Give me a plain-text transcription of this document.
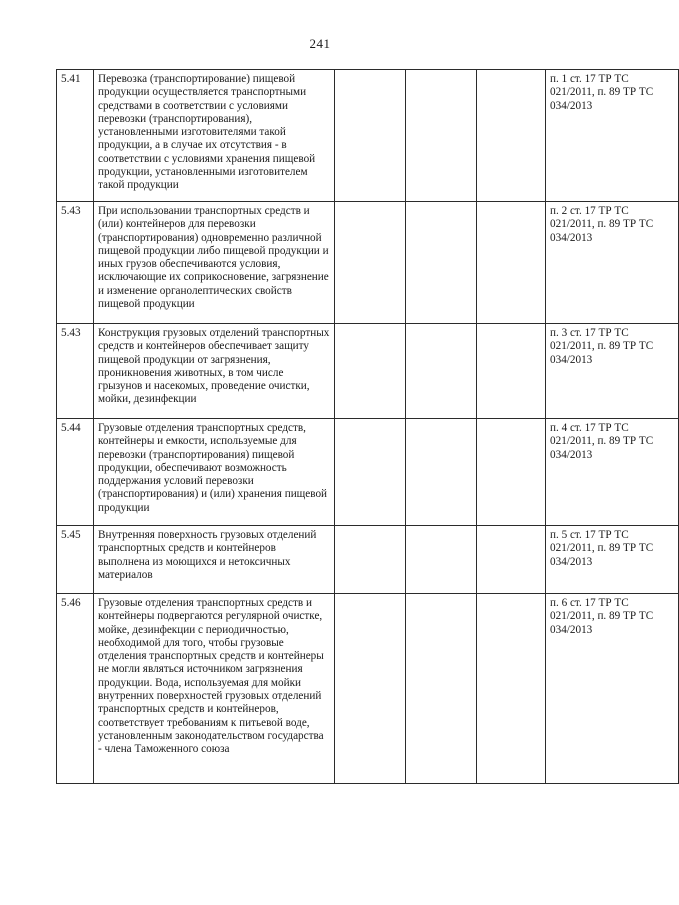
241
5.41	Перевозка (транспортирование) пищевой продукции осуществляется транспортными средствами в соответствии с условиями перевозки (транспортирования), установленными изготовителями такой продукции, а в случае их отсутствия - в соответствии с условиями хранения пищевой продукции, установленными изготовителем такой продукции				п. 1 ст. 17 ТР ТС 021/2011, п. 89 ТР ТС 034/2013
5.43	При использовании транспортных средств и (или) контейнеров для перевозки (транспортирования) одновременно различной пищевой продукции либо пищевой продукции и иных грузов обеспечиваются условия, исключающие их соприкосновение, загрязнение и изменение органолептических свойств пищевой продукции				п. 2 ст. 17 ТР ТС 021/2011, п. 89 ТР ТС 034/2013
5.43	Конструкция грузовых отделений транспортных средств и контейнеров обеспечивает защиту пищевой продукции от загрязнения, проникновения животных, в том числе грызунов и насекомых, проведение очистки, мойки, дезинфекции				п. 3 ст. 17 ТР ТС 021/2011, п. 89 ТР ТС 034/2013
5.44	Грузовые отделения транспортных средств, контейнеры и емкости, используемые для перевозки (транспортирования) пищевой продукции, обеспечивают возможность поддержания условий перевозки (транспортирования) и (или) хранения пищевой продукции				п. 4 ст. 17 ТР ТС 021/2011, п. 89 ТР ТС 034/2013
5.45	Внутренняя поверхность грузовых отделений транспортных средств и контейнеров выполнена из моющихся и нетоксичных материалов				п. 5 ст. 17 ТР ТС 021/2011, п. 89 ТР ТС 034/2013
5.46	Грузовые отделения транспортных средств и контейнеры подвергаются регулярной очистке, мойке, дезинфекции с периодичностью, необходимой для того, чтобы грузовые отделения транспортных средств и контейнеры не могли являться источником загрязнения продукции. Вода, используемая для мойки внутренних поверхностей грузовых отделений транспортных средств и контейнеров, соответствует требованиям к питьевой воде, установленным законодательством государства - члена Таможенного союза				п. 6 ст. 17 ТР ТС 021/2011, п. 89 ТР ТС 034/2013
